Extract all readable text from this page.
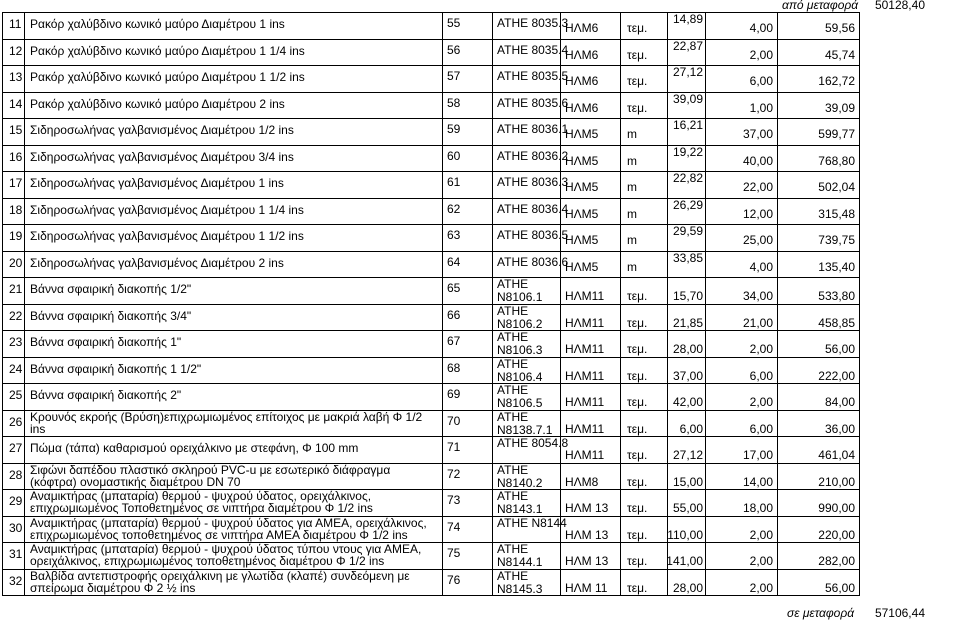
από μεταφορά 50128,40
11	Ρακόρ χαλύβδινο κωνικό μαύρο Διαμέτρου 1 ins	55	ΑΤΗΕ 8035.3	ΗΛΜ6	τεμ.	14,89	4,00	59,56

12	Ρακόρ χαλύβδινο κωνικό μαύρο Διαμέτρου 1 1/4 ins	56	ΑΤΗΕ 8035.4	ΗΛΜ6	τεμ.	22,87	2,00	45,74

13	Ρακόρ χαλύβδινο κωνικό μαύρο Διαμέτρου 1 1/2 ins	57	ΑΤΗΕ 8035.5	ΗΛΜ6	τεμ.	27,12	6,00	162,72

14	Ρακόρ χαλύβδινο κωνικό μαύρο Διαμέτρου 2 ins	58	ΑΤΗΕ 8035.6	ΗΛΜ6	τεμ.	39,09	1,00	39,09

15	Σιδηροσωλήνας γαλβανισμένος Διαμέτρου 1/2 ins	59	ΑΤΗΕ 8036.1	ΗΛΜ5	m	16,21	37,00	599,77

16	Σιδηροσωλήνας γαλβανισμένος Διαμέτρου 3/4 ins	60	ΑΤΗΕ 8036.2	ΗΛΜ5	m	19,22	40,00	768,80

17	Σιδηροσωλήνας γαλβανισμένος Διαμέτρου 1 ins	61	ΑΤΗΕ 8036.3	ΗΛΜ5	m	22,82	22,00	502,04

18	Σιδηροσωλήνας γαλβανισμένος Διαμέτρου 1 1/4 ins	62	ΑΤΗΕ 8036.4	ΗΛΜ5	m	26,29	12,00	315,48

19	Σιδηροσωλήνας γαλβανισμένος Διαμέτρου 1 1/2 ins	63	ΑΤΗΕ 8036.5	ΗΛΜ5	m	29,59	25,00	739,75

20	Σιδηροσωλήνας γαλβανισμένος Διαμέτρου 2 ins	64	ΑΤΗΕ 8036.6	ΗΛΜ5	m	33,85	4,00	135,40

21	Βάννα σφαιρική διακοπής 1/2"	65	ΑΤΗΕ Ν8106.1	ΗΛΜ11	τεμ.	15,70	34,00	533,80

22	Βάννα σφαιρική διακοπής 3/4"	66	ΑΤΗΕ Ν8106.2	ΗΛΜ11	τεμ.	21,85	21,00	458,85

23	Βάννα σφαιρική διακοπής 1"	67	ΑΤΗΕ Ν8106.3	ΗΛΜ11	τεμ.	28,00	2,00	56,00

24	Βάννα σφαιρική διακοπής 1 1/2"	68	ΑΤΗΕ Ν8106.4	ΗΛΜ11	τεμ.	37,00	6,00	222,00

25	Βάννα σφαιρική διακοπής 2"	69	ΑΤΗΕ Ν8106.5	ΗΛΜ11	τεμ.	42,00	2,00	84,00

26	Κρουνός εκροής (Βρύση)επιχρωμιωμένος επίτοιχος με μακριά λαβή Φ 1/2 ins	70	ΑΤΗΕ Ν8138.7.1	ΗΛΜ11	τεμ.	6,00	6,00	36,00

27	Πώμα (τάπα) καθαρισμού ορειχάλκινο με στεφάνη, Φ 100 mm	71	ΑΤΗΕ 8054.8	ΗΛΜ11	τεμ.	27,12	17,00	461,04

28	Σιφώνι δαπέδου πλαστικό σκληρού PVC-u με εσωτερικό διάφραγμα (κόφτρα) ονομαστικής διαμέτρου DN 70	72	ΑΤΗΕ Ν8140.2	ΗΛΜ8	τεμ.	15,00	14,00	210,00

29	Αναμικτήρας (μπαταρία) θερμού - ψυχρού ύδατος, ορειχάλκινος, επιχρωμιωμένος Τοποθετημένος σε νιπτήρα διαμέτρου Φ 1/2 ins	73	ΑΤΗΕ Ν8143.1	ΗΛΜ 13	τεμ.	55,00	18,00	990,00

30	Αναμικτήρας (μπαταρία) θερμού - ψυχρού ύδατος για ΑΜΕΑ, ορειχάλκινος, επιχρωμιωμένος τοποθετημένος σε νιπτήρα ΑΜΕΑ διαμέτρου Φ 1/2 ins	74	ΑΤΗΕ Ν8144	ΗΛΜ 13	τεμ.	110,00	2,00	220,00

31	Αναμικτήρας (μπαταρία) θερμού - ψυχρού ύδατος τύπου ντους για ΑΜΕΑ, ορειχάλκινος, επιχρωμιωμένος τοποθετημένος διαμέτρου Φ 1/2 ins	75	ΑΤΗΕ Ν8144.1	ΗΛΜ 13	τεμ.	141,00	2,00	282,00

32	Βαλβίδα αντεπιστροφής ορειχάλκινη με γλωτίδα (κλαπέ) συνδεόμενη με σπείρωμα διαμέτρου Φ 2 ½ ins	76	ΑΤΗΕ Ν8145.3	ΗΛΜ 11	τεμ.	28,00	2,00	56,00
σε μεταφορά 57106,44
